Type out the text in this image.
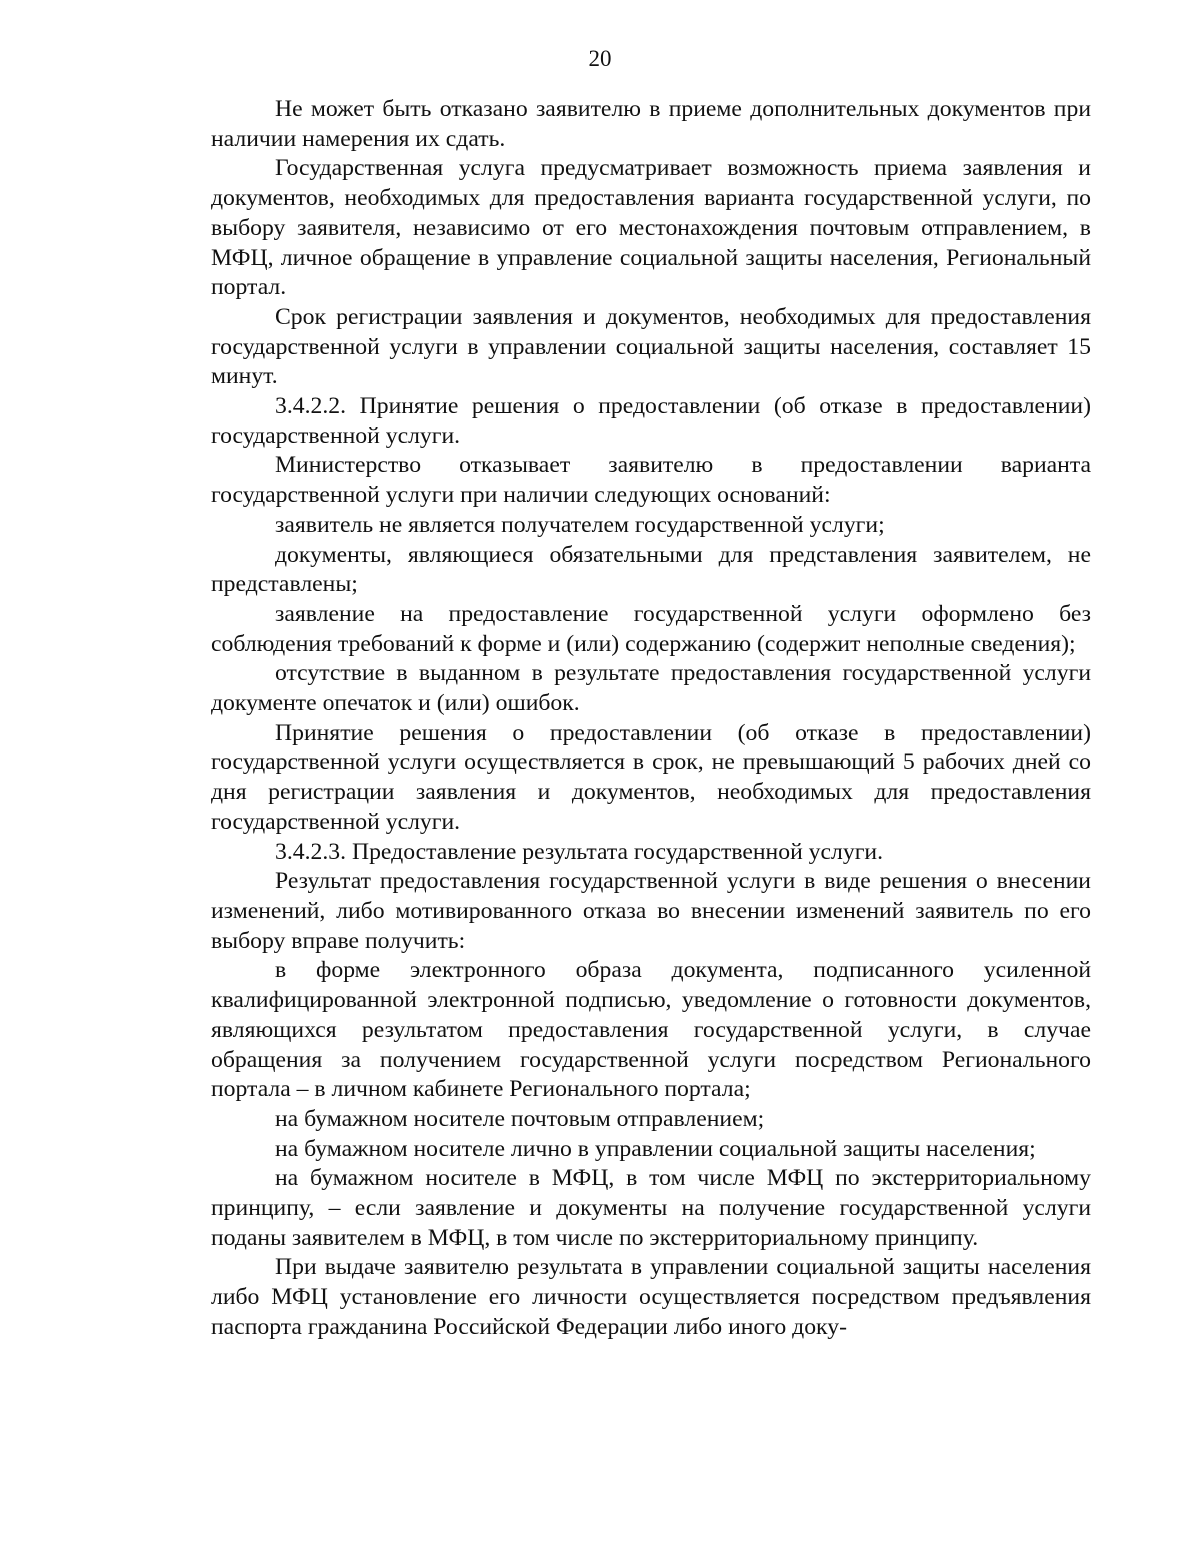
20

Не может быть отказано заявителю в приеме дополнительных документов при наличии намерения их сдать.

Государственная услуга предусматривает возможность приема заявления и документов, необходимых для предоставления варианта государственной услуги, по выбору заявителя, независимо от его местонахождения почтовым отправлением, в МФЦ, личное обращение в управление социальной защиты населения, Региональный портал.

Срок регистрации заявления и документов, необходимых для предоставления государственной услуги в управлении социальной защиты населения, составляет 15 минут.

3.4.2.2. Принятие решения о предоставлении (об отказе в предоставлении) государственной услуги.

Министерство отказывает заявителю в предоставлении варианта государственной услуги при наличии следующих оснований:

заявитель не является получателем государственной услуги;

документы, являющиеся обязательными для представления заявителем, не представлены;

заявление на предоставление государственной услуги оформлено без соблюдения требований к форме и (или) содержанию (содержит неполные сведения);

отсутствие в выданном в результате предоставления государственной услуги документе опечаток и (или) ошибок.

Принятие решения о предоставлении (об отказе в предоставлении) государственной услуги осуществляется в срок, не превышающий 5 рабочих дней со дня регистрации заявления и документов, необходимых для предоставления государственной услуги.

3.4.2.3. Предоставление результата государственной услуги.

Результат предоставления государственной услуги в виде решения о внесении изменений, либо мотивированного отказа во внесении изменений заявитель по его выбору вправе получить:

в форме электронного образа документа, подписанного усиленной квалифицированной электронной подписью, уведомление о готовности документов, являющихся результатом предоставления государственной услуги, в случае обращения за получением государственной услуги посредством Регионального портала – в личном кабинете Регионального портала;

на бумажном носителе почтовым отправлением;

на бумажном носителе лично в управлении социальной защиты населения;

на бумажном носителе в МФЦ, в том числе МФЦ по экстерриториальному принципу, – если заявление и документы на получение государственной услуги поданы заявителем в МФЦ, в том числе по экстерриториальному принципу.

При выдаче заявителю результата в управлении социальной защиты населения либо МФЦ установление его личности осуществляется посредством предъявления паспорта гражданина Российской Федерации либо иного доку-
